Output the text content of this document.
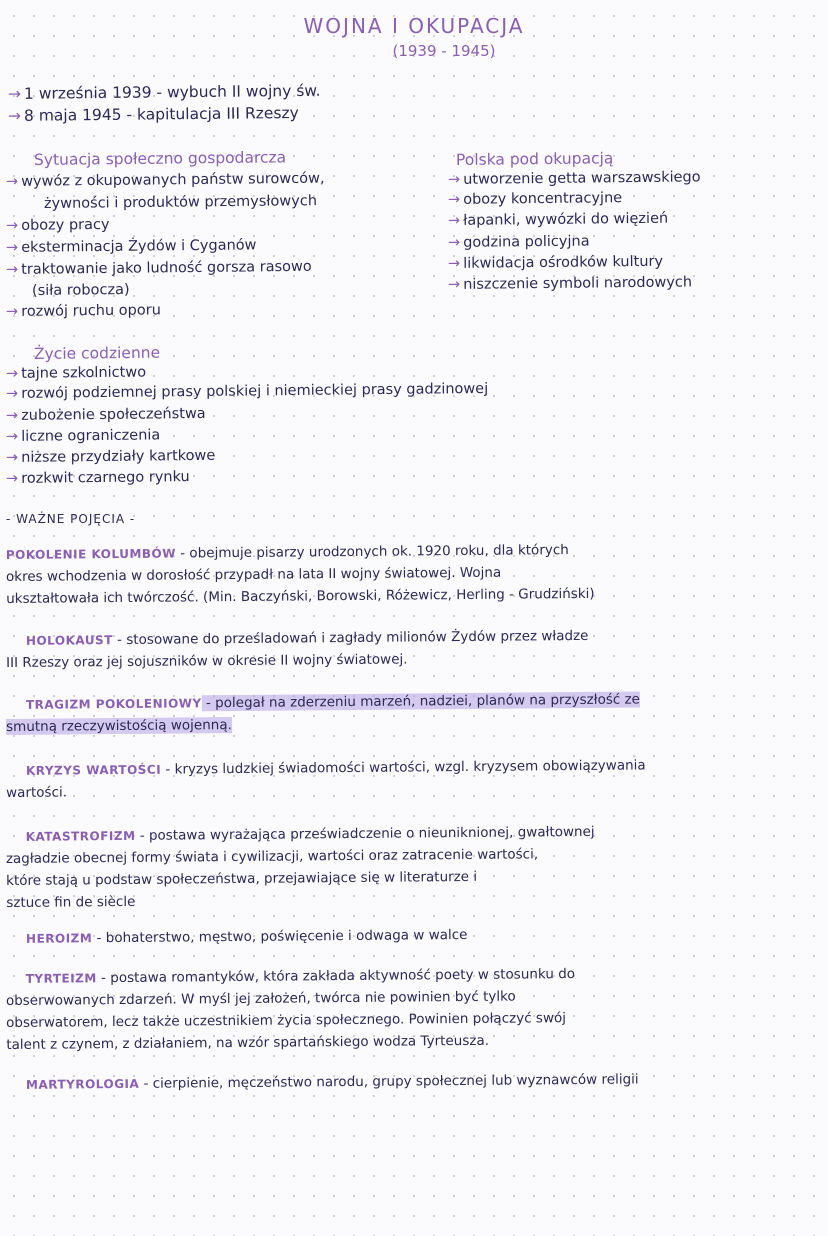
WOJNA I OKUPACJA
(1939 - 1945)
→ 1 września 1939 - wybuch II wojny św.
→ 8 maja 1945 - kapitulacja III Rzeszy
Sytuacja społeczno gospodarcza
→ wywóz z okupowanych państw surowców,
żywności i produktów przemysłowych
→ obozy pracy
→ eksterminacja Żydów i Cyganów
→ traktowanie jako ludność gorsza rasowo
(siła robocza)
→ rozwój ruchu oporu
Polska pod okupacją
→ utworzenie getta warszawskiego
→ obozy koncentracyjne
→ łapanki, wywózki do więzień
→ godzina policyjna
→ likwidacja ośrodków kultury
→ niszczenie symboli narodowych
Życie codzienne
→ tajne szkolnictwo
→ rozwój podziemnej prasy polskiej i niemieckiej prasy gadzinowej
→ zubożenie społeczeństwa
→ liczne ograniczenia
→ niższe przydziały kartkowe
→ rozkwit czarnego rynku
- WAŻNE POJĘCIA -

POKOLENIE KOLUMBÓW - obejmuje pisarzy urodzonych ok. 1920 roku, dla których

okres wchodzenia w dorosłość przypadł na lata II wojny światowej. Wojna

ukształtowała ich twórczość. (Min. Baczyński, Borowski, Różewicz, Herling - Grudziński)

HOLOKAUST - stosowane do prześladowań i zagłady milionów Żydów przez władze

III Rzeszy oraz jej sojuszników w okresie II wojny światowej.

TRAGIZM POKOLENIOWY - polegał na zderzeniu marzeń, nadziei, planów na przyszłość ze

smutną rzeczywistością wojenną.

KRYZYS WARTOŚCI - kryzys ludzkiej świadomości wartości, wzgl. kryzysem obowiązywania

wartości.

KATASTROFIZM - postawa wyrażająca przeświadczenie o nieuniknionej, gwałtownej

zagładzie obecnej formy świata i cywilizacji, wartości oraz zatracenie wartości,

które stają u podstaw społeczeństwa, przejawiające się w literaturze i

sztuce fin de siècle

HEROIZM - bohaterstwo, męstwo, poświęcenie i odwaga w walce

TYRTEIZM - postawa romantyków, która zakłada aktywność poety w stosunku do

obserwowanych zdarzeń. W myśl jej założeń, twórca nie powinien być tylko

obserwatorem, lecz także uczestnikiem życia społecznego. Powinien połączyć swój

talent z czynem, z działaniem, na wzór spartańskiego wodza Tyrteusza.

MARTYROLOGIA - cierpienie, męczeństwo narodu, grupy społecznej lub wyznawców religii
